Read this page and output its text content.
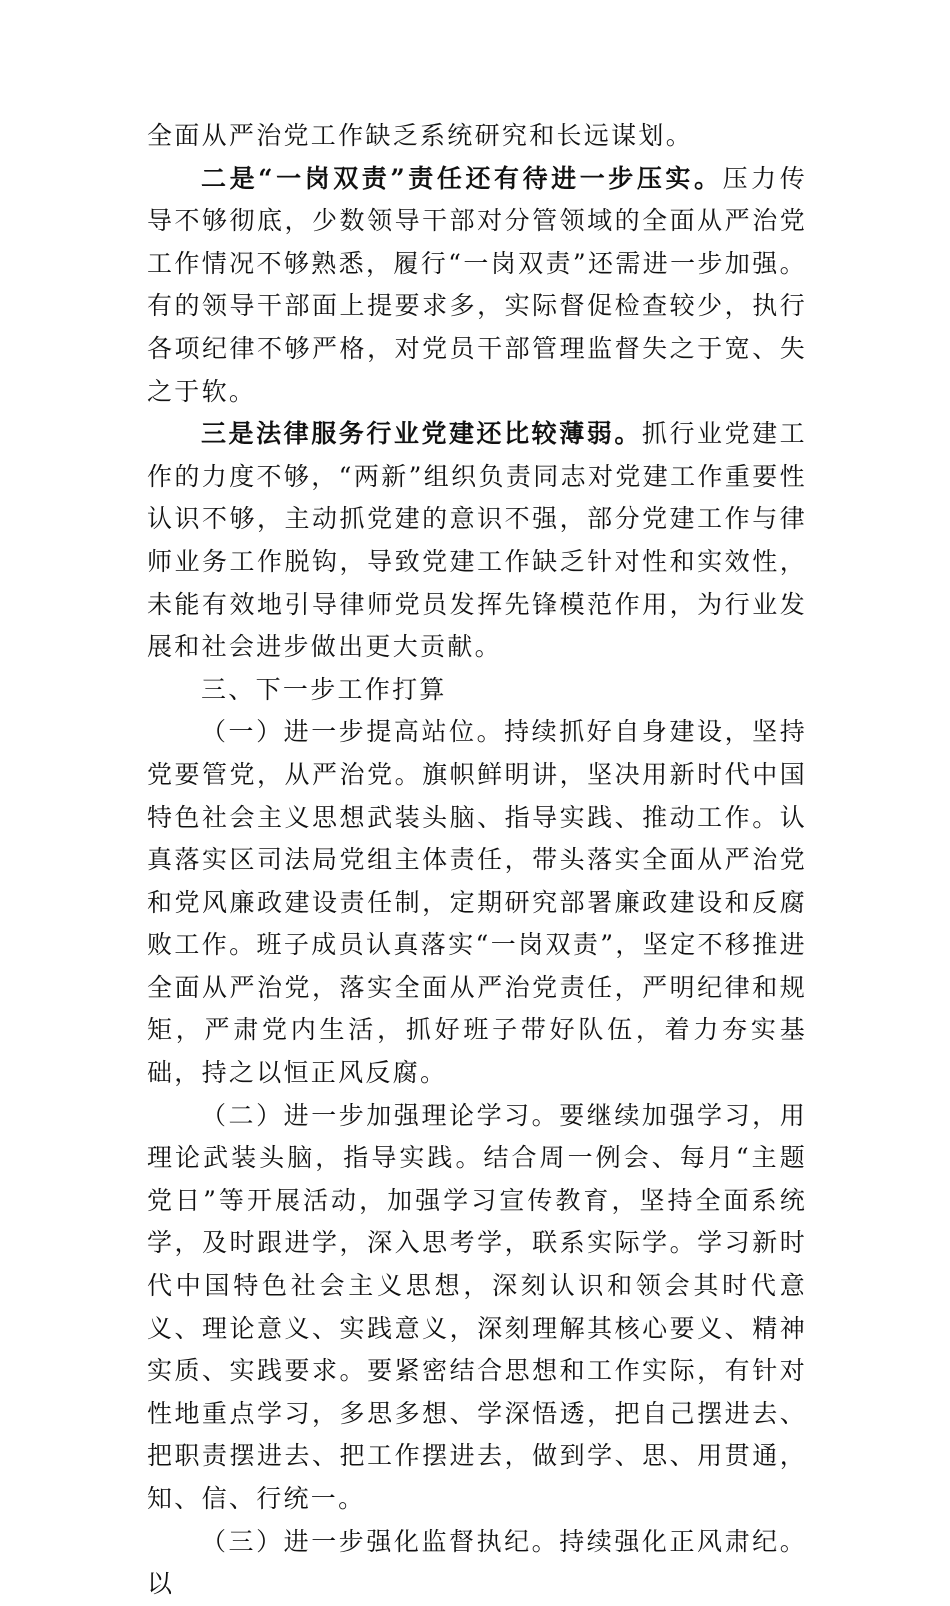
全面从严治党工作缺乏系统研究和长远谋划。

二是“一岗双责”责任还有待进一步压实。压力传导不够彻底，少数领导干部对分管领域的全面从严治党工作情况不够熟悉，履行“一岗双责”还需进一步加强。有的领导干部面上提要求多，实际督促检查较少，执行各项纪律不够严格，对党员干部管理监督失之于宽、失之于软。

三是法律服务行业党建还比较薄弱。抓行业党建工作的力度不够，“两新”组织负责同志对党建工作重要性认识不够，主动抓党建的意识不强，部分党建工作与律师业务工作脱钩，导致党建工作缺乏针对性和实效性，未能有效地引导律师党员发挥先锋模范作用，为行业发展和社会进步做出更大贡献。

三、下一步工作打算

（一）进一步提高站位。持续抓好自身建设，坚持党要管党，从严治党。旗帜鲜明讲，坚决用新时代中国特色社会主义思想武装头脑、指导实践、推动工作。认真落实区司法局党组主体责任，带头落实全面从严治党和党风廉政建设责任制，定期研究部署廉政建设和反腐败工作。班子成员认真落实“一岗双责”，坚定不移推进全面从严治党，落实全面从严治党责任，严明纪律和规矩，严肃党内生活，抓好班子带好队伍，着力夯实基础，持之以恒正风反腐。

（二）进一步加强理论学习。要继续加强学习，用理论武装头脑，指导实践。结合周一例会、每月“主题党日”等开展活动，加强学习宣传教育，坚持全面系统学，及时跟进学，深入思考学，联系实际学。学习新时代中国特色社会主义思想，深刻认识和领会其时代意义、理论意义、实践意义，深刻理解其核心要义、精神实质、实践要求。要紧密结合思想和工作实际，有针对性地重点学习，多思多想、学深悟透，把自己摆进去、把职责摆进去、把工作摆进去，做到学、思、用贯通，知、信、行统一。

（三）进一步强化监督执纪。持续强化正风肃纪。以
